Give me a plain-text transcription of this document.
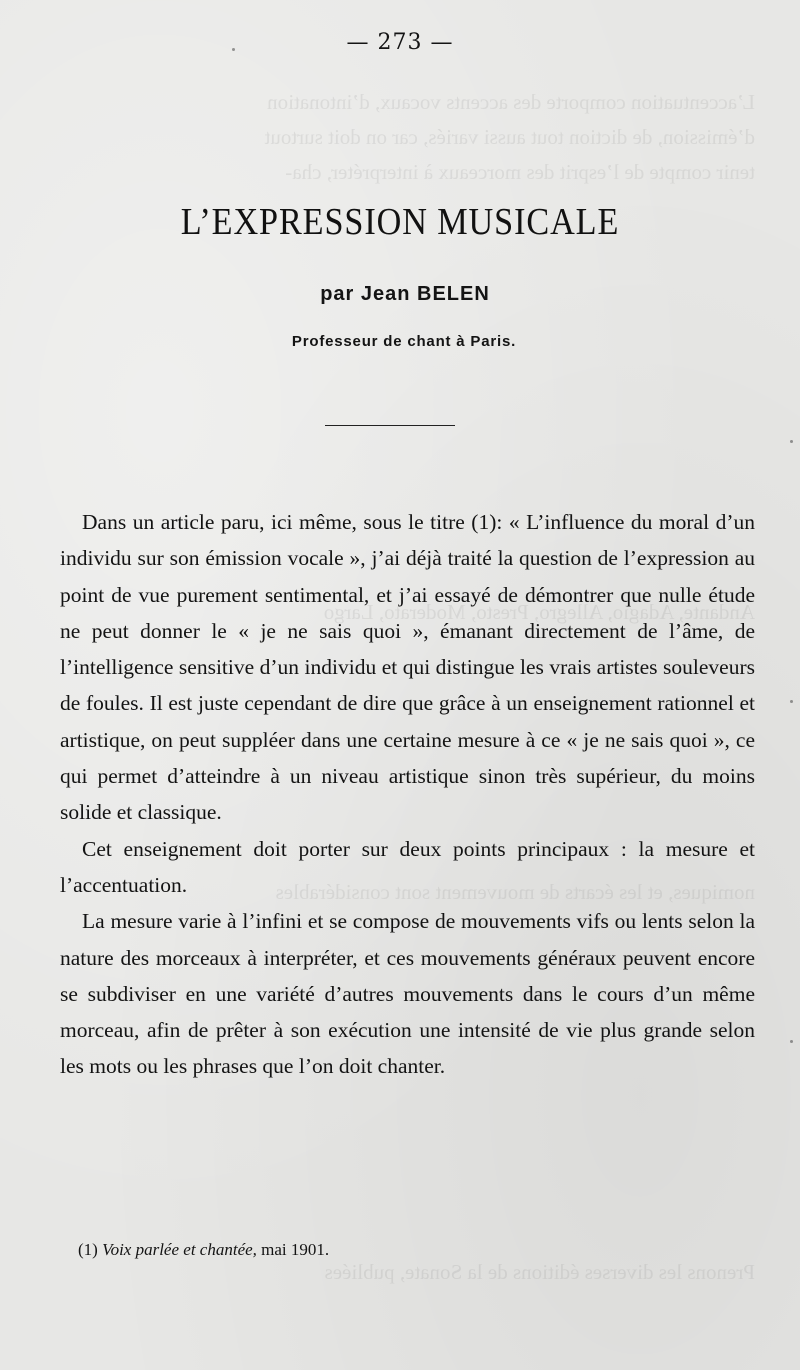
L’accentuation comporte des accents vocaux, d’intonation
d’émission, de diction tout aussi variés, car on doit surtout
tenir compte de l’esprit des morceaux à interpréter, cha-
Andante, Adagio, Allegro, Presto, Moderato, Largo
nomiques, et les écarts de mouvement sont considérables
Prenons les diverses éditions de la Sonate, publiées
— 273 —
L’EXPRESSION MUSICALE
par Jean BELEN
Professeur de chant à Paris.

Dans un article paru, ici même, sous le titre (1): « L’influence du moral d’un individu sur son émission vocale », j’ai déjà traité la question de l’expression au point de vue purement sentimental, et j’ai essayé de démontrer que nulle étude ne peut donner le « je ne sais quoi », émanant directement de l’âme, de l’intelligence sensitive d’un individu et qui distingue les vrais artistes souleveurs de foules. Il est juste cependant de dire que grâce à un enseignement rationnel et artistique, on peut suppléer dans une certaine mesure à ce « je ne sais quoi », ce qui permet d’atteindre à un niveau artistique sinon très supérieur, du moins solide et classique.

Cet enseignement doit porter sur deux points principaux : la mesure et l’accentuation.

La mesure varie à l’infini et se compose de mouvements vifs ou lents selon la nature des morceaux à interpréter, et ces mouvements généraux peuvent encore se subdiviser en une variété d’autres mouvements dans le cours d’un même morceau, afin de prêter à son exécution une intensité de vie plus grande selon les mots ou les phrases que l’on doit chanter.

(1) Voix parlée et chantée, mai 1901.
